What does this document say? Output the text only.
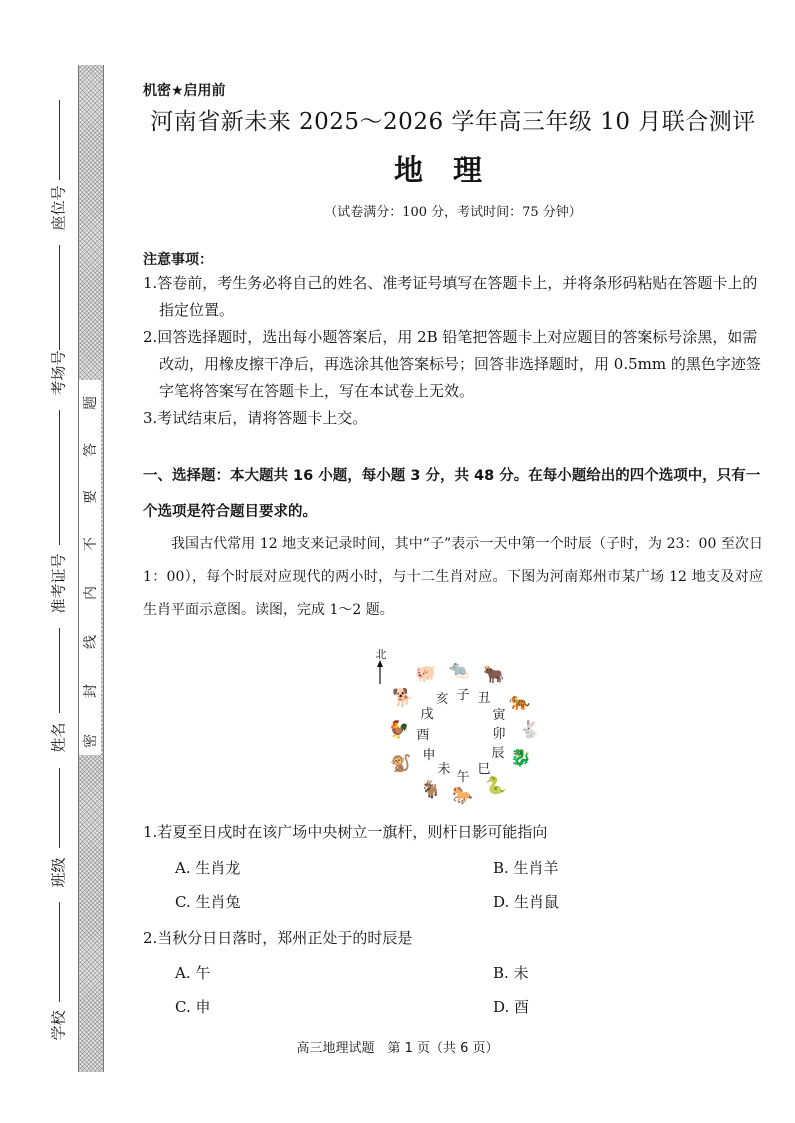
题
答
要
不
内
线
封
密
座位号
考场号
准考证号
姓名
班级
学校
机密★启用前
河南省新未来 2025～2026 学年高三年级 10 月联合测评
地理
（试卷满分：100 分，考试时间：75 分钟）
注意事项：
1.答卷前，考生务必将自己的姓名、准考证号填写在答题卡上，并将条形码粘贴在答题卡上的指定位置。
2.回答选择题时，选出每小题答案后，用 2B 铅笔把答题卡上对应题目的答案标号涂黑，如需改动，用橡皮擦干净后，再选涂其他答案标号；回答非选择题时，用 0.5mm 的黑色字迹签字笔将答案写在答题卡上，写在本试卷上无效。
3.考试结束后，请将答题卡上交。
一、选择题：本大题共 16 小题，每小题 3 分，共 48 分。在每小题给出的四个选项中，只有一个选项是符合题目要求的。
我国古代常用 12 地支来记录时间，其中“子”表示一天中第一个时辰（子时，为 23：00 至次日 1：00），每个时辰对应现代的两小时，与十二生肖对应。下图为河南郑州市某广场 12 地支及对应生肖平面示意图。读图，完成 1～2 题。
北
子 丑
寅
卯
辰
巳
午
未
申
酉
戌
亥
🐀 🐂
🐅
🐇
🐉
🐍
🐎
🐐
🐒
🐓
🐕
🐖
1.若夏至日戌时在该广场中央树立一旗杆，则杆日影可能指向
A. 生肖龙	B. 生肖羊
C. 生肖兔	D. 生肖鼠
2.当秋分日日落时，郑州正处于的时辰是
A. 午	B. 未
C. 申	D. 酉
高三地理试题　第 1 页（共 6 页）
